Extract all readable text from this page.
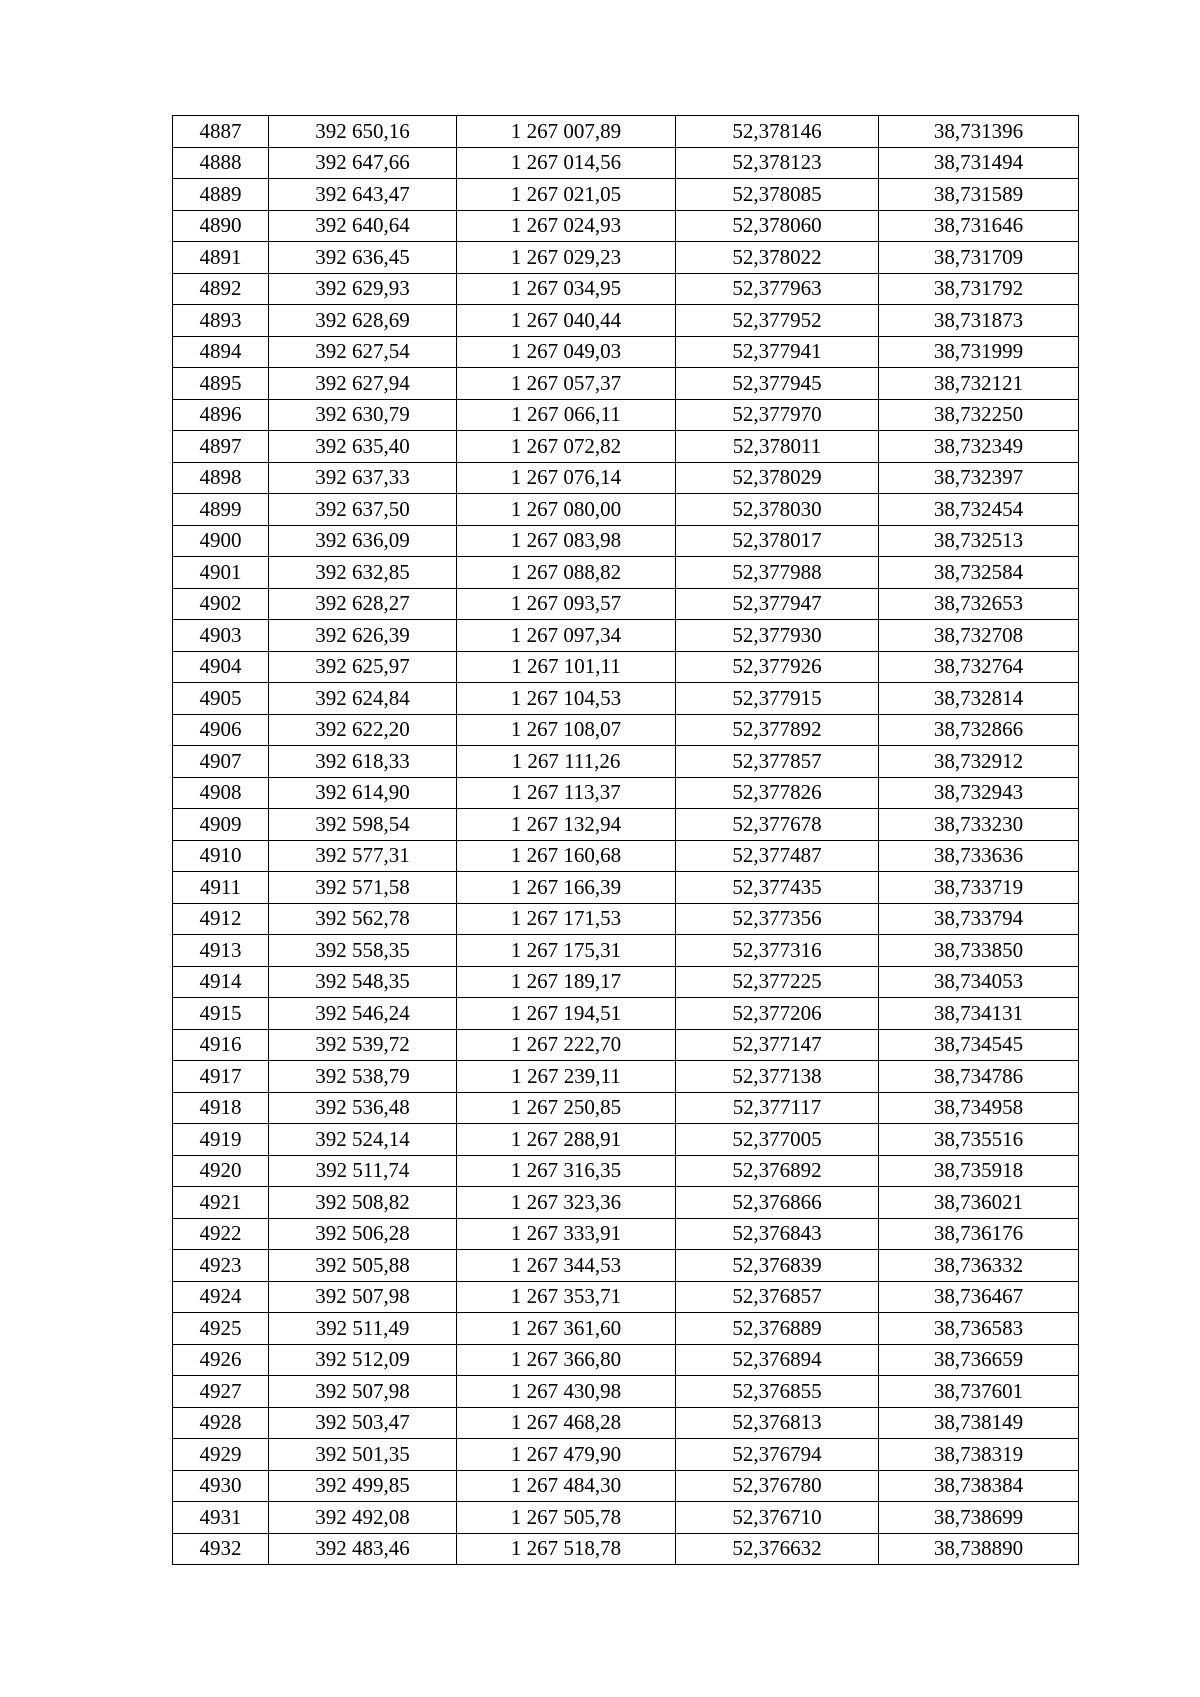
4887	392 650,16	1 267 007,89	52,378146	38,731396
4888	392 647,66	1 267 014,56	52,378123	38,731494
4889	392 643,47	1 267 021,05	52,378085	38,731589
4890	392 640,64	1 267 024,93	52,378060	38,731646
4891	392 636,45	1 267 029,23	52,378022	38,731709
4892	392 629,93	1 267 034,95	52,377963	38,731792
4893	392 628,69	1 267 040,44	52,377952	38,731873
4894	392 627,54	1 267 049,03	52,377941	38,731999
4895	392 627,94	1 267 057,37	52,377945	38,732121
4896	392 630,79	1 267 066,11	52,377970	38,732250
4897	392 635,40	1 267 072,82	52,378011	38,732349
4898	392 637,33	1 267 076,14	52,378029	38,732397
4899	392 637,50	1 267 080,00	52,378030	38,732454
4900	392 636,09	1 267 083,98	52,378017	38,732513
4901	392 632,85	1 267 088,82	52,377988	38,732584
4902	392 628,27	1 267 093,57	52,377947	38,732653
4903	392 626,39	1 267 097,34	52,377930	38,732708
4904	392 625,97	1 267 101,11	52,377926	38,732764
4905	392 624,84	1 267 104,53	52,377915	38,732814
4906	392 622,20	1 267 108,07	52,377892	38,732866
4907	392 618,33	1 267 111,26	52,377857	38,732912
4908	392 614,90	1 267 113,37	52,377826	38,732943
4909	392 598,54	1 267 132,94	52,377678	38,733230
4910	392 577,31	1 267 160,68	52,377487	38,733636
4911	392 571,58	1 267 166,39	52,377435	38,733719
4912	392 562,78	1 267 171,53	52,377356	38,733794
4913	392 558,35	1 267 175,31	52,377316	38,733850
4914	392 548,35	1 267 189,17	52,377225	38,734053
4915	392 546,24	1 267 194,51	52,377206	38,734131
4916	392 539,72	1 267 222,70	52,377147	38,734545
4917	392 538,79	1 267 239,11	52,377138	38,734786
4918	392 536,48	1 267 250,85	52,377117	38,734958
4919	392 524,14	1 267 288,91	52,377005	38,735516
4920	392 511,74	1 267 316,35	52,376892	38,735918
4921	392 508,82	1 267 323,36	52,376866	38,736021
4922	392 506,28	1 267 333,91	52,376843	38,736176
4923	392 505,88	1 267 344,53	52,376839	38,736332
4924	392 507,98	1 267 353,71	52,376857	38,736467
4925	392 511,49	1 267 361,60	52,376889	38,736583
4926	392 512,09	1 267 366,80	52,376894	38,736659
4927	392 507,98	1 267 430,98	52,376855	38,737601
4928	392 503,47	1 267 468,28	52,376813	38,738149
4929	392 501,35	1 267 479,90	52,376794	38,738319
4930	392 499,85	1 267 484,30	52,376780	38,738384
4931	392 492,08	1 267 505,78	52,376710	38,738699
4932	392 483,46	1 267 518,78	52,376632	38,738890
